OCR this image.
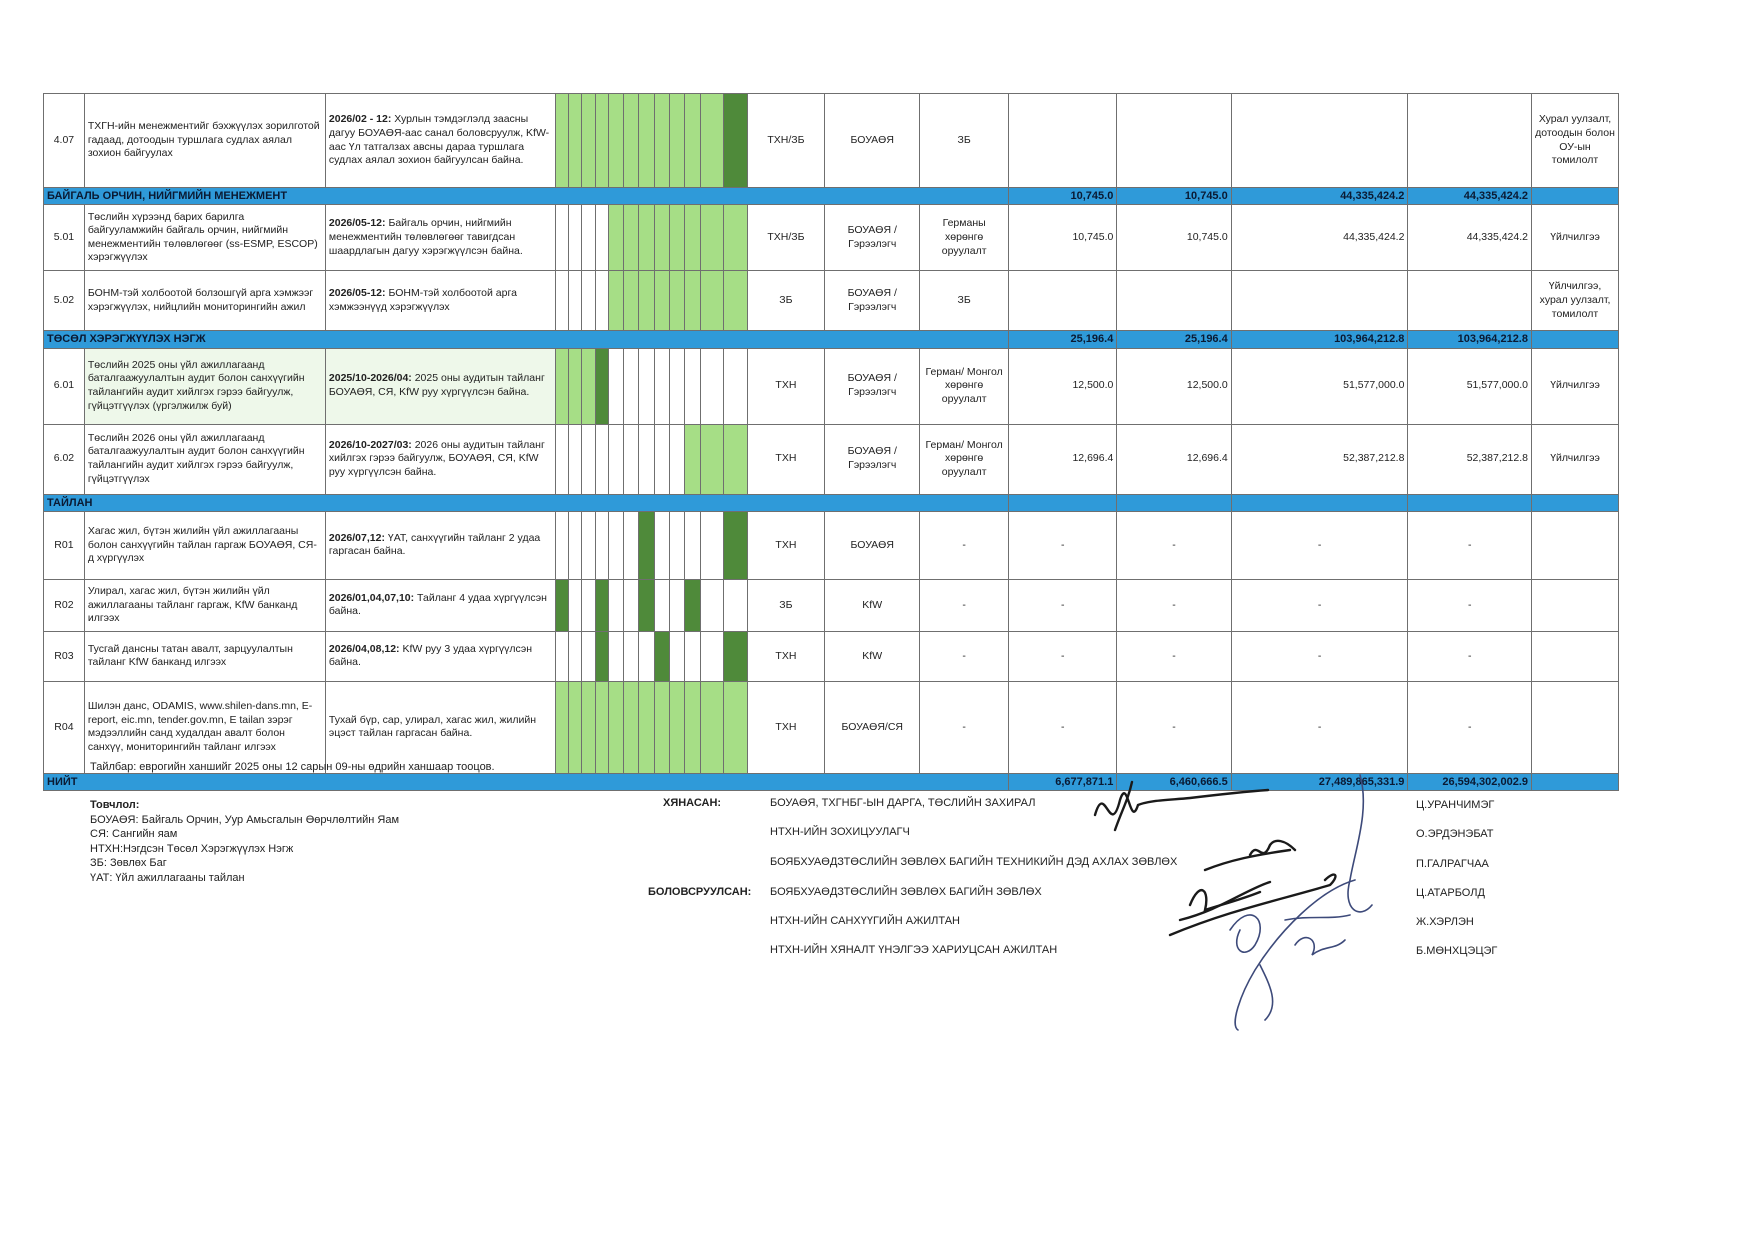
4.07	ТХГН-ийн менежментийг бэхжүүлэх зорилготой гадаад, дотоодын туршлага судлах аялал зохион байгуулах	2026/02 - 12: Хурлын тэмдэглэлд заасны дагуу БОУАӨЯ-аас санал боловсруулж, KfW-аас Үл татгалзах авсны дараа туршлага судлах аялал зохион байгуулсан байна.													ТХН/ЗБ	БОУАӨЯ	ЗБ					Хурал уулзалт, дотоодын болон ОУ-ын томилолт
БАЙГАЛЬ ОРЧИН, НИЙГМИЙН МЕНЕЖМЕНТ																		10,745.0	10,745.0	44,335,424.2	44,335,424.2	
5.01	Төслийн хүрээнд барих барилга байгууламжийн байгаль орчин, нийгмийн менежментийн төлөвлөгөөг (ss-ESMP, ESCOP) хэрэгжүүлэх	2026/05-12: Байгаль орчин, нийгмийн менежментийн төлөвлөгөөг тавигдсан шаардлагын дагуу хэрэгжүүлсэн байна.													ТХН/ЗБ	БОУАӨЯ / Гэрээлэгч	Германы хөрөнгө оруулалт	10,745.0	10,745.0	44,335,424.2	44,335,424.2	Үйлчилгээ
5.02	БОНМ-тэй холбоотой болзошгүй арга хэмжээг хэрэгжүүлэх, нийцлийн мониторингийн ажил	2026/05-12: БОНМ-тэй холбоотой арга хэмжээнүүд хэрэгжүүлэх													ЗБ	БОУАӨЯ / Гэрээлэгч	ЗБ					Үйлчилгээ, хурал уулзалт, томилолт
ТӨСӨЛ ХЭРЭГЖҮҮЛЭХ НЭГЖ																		25,196.4	25,196.4	103,964,212.8	103,964,212.8	
6.01	Төслийн 2025 оны үйл ажиллагаанд баталгаажуулалтын аудит болон санхүүгийн тайлангийн аудит хийлгэх гэрээ байгуулж, гүйцэтгүүлэх (үргэлжилж буй)	2025/10-2026/04: 2025 оны аудитын тайланг БОУАӨЯ, СЯ, KfW руу хүргүүлсэн байна.													ТХН	БОУАӨЯ / Гэрээлэгч	Герман/ Монгол хөрөнгө оруулалт	12,500.0	12,500.0	51,577,000.0	51,577,000.0	Үйлчилгээ
6.02	Төслийн 2026 оны үйл ажиллагаанд баталгаажуулалтын аудит болон санхүүгийн тайлангийн аудит хийлгэх гэрээ байгуулж, гүйцэтгүүлэх	2026/10-2027/03: 2026 оны аудитын тайланг хийлгэх гэрээ байгуулж, БОУАӨЯ, СЯ, KfW руу хүргүүлсэн байна.													ТХН	БОУАӨЯ / Гэрээлэгч	Герман/ Монгол хөрөнгө оруулалт	12,696.4	12,696.4	52,387,212.8	52,387,212.8	Үйлчилгээ
ТАЙЛАН																						
R01	Хагас жил, бүтэн жилийн үйл ажиллагааны болон санхүүгийн тайлан гаргаж БОУАӨЯ, СЯ-д хүргүүлэх	2026/07,12: ҮАТ, санхүүгийн тайланг 2 удаа гаргасан байна.													ТХН	БОУАӨЯ	-	-	-	-	-	
R02	Улирал, хагас жил, бүтэн жилийн үйл ажиллагааны тайланг гаргаж, KfW банканд илгээх	2026/01,04,07,10: Тайланг 4 удаа хүргүүлсэн байна.													ЗБ	KfW	-	-	-	-	-	
R03	Тусгай дансны татан авалт, зарцуулалтын тайланг KfW банканд илгээх	2026/04,08,12: KfW руу 3 удаа хүргүүлсэн байна.													ТХН	KfW	-	-	-	-	-	
R04	Шилэн данс, ODAMIS, www.shilen-dans.mn, E-report, eic.mn, tender.gov.mn, E tailan зэрэг мэдээллийн санд худалдан авалт болон санхүү, мониторингийн тайланг илгээх	Тухай бүр, сар, улирал, хагас жил, жилийн эцэст тайлан гаргасан байна.													ТХН	БОУАӨЯ/СЯ	-	-	-	-	-	
НИЙТ																		6,677,871.1	6,460,666.5	27,489,865,331.9	26,594,302,002.9	
Тайлбар: еврогийн ханшийг 2025 оны 12 сарын 09-ны өдрийн ханшаар тооцов.
Товчлол:
БОУАӨЯ: Байгаль Орчин, Уур Амьсгалын Өөрчлөлтийн Яам
СЯ: Сангийн яам
НТХН:Нэгдсэн Төсөл Хэрэгжүүлэх Нэгж
ЗБ: Зөвлөх Баг
ҮАТ: Үйл ажиллагааны тайлан
ХЯНАСАН:
БОЛОВСРУУЛСАН:
БОУАӨЯ, ТХГНБГ-ЫН ДАРГА, ТӨСЛИЙН ЗАХИРАЛ
НТХН-ИЙН ЗОХИЦУУЛАГЧ
БОЯБХУАӨДЗТӨСЛИЙН ЗӨВЛӨХ БАГИЙН ТЕХНИКИЙН ДЭД АХЛАХ ЗӨВЛӨХ
БОЯБХУАӨДЗТӨСЛИЙН ЗӨВЛӨХ БАГИЙН ЗӨВЛӨХ
НТХН-ИЙН САНХҮҮГИЙН АЖИЛТАН
НТХН-ИЙН ХЯНАЛТ ҮНЭЛГЭЭ ХАРИУЦСАН АЖИЛТАН
Ц.УРАНЧИМЭГ
О.ЭРДЭНЭБАТ
П.ГАЛРАГЧАА
Ц.АТАРБОЛД
Ж.ХЭРЛЭН
Б.МӨНХЦЭЦЭГ
